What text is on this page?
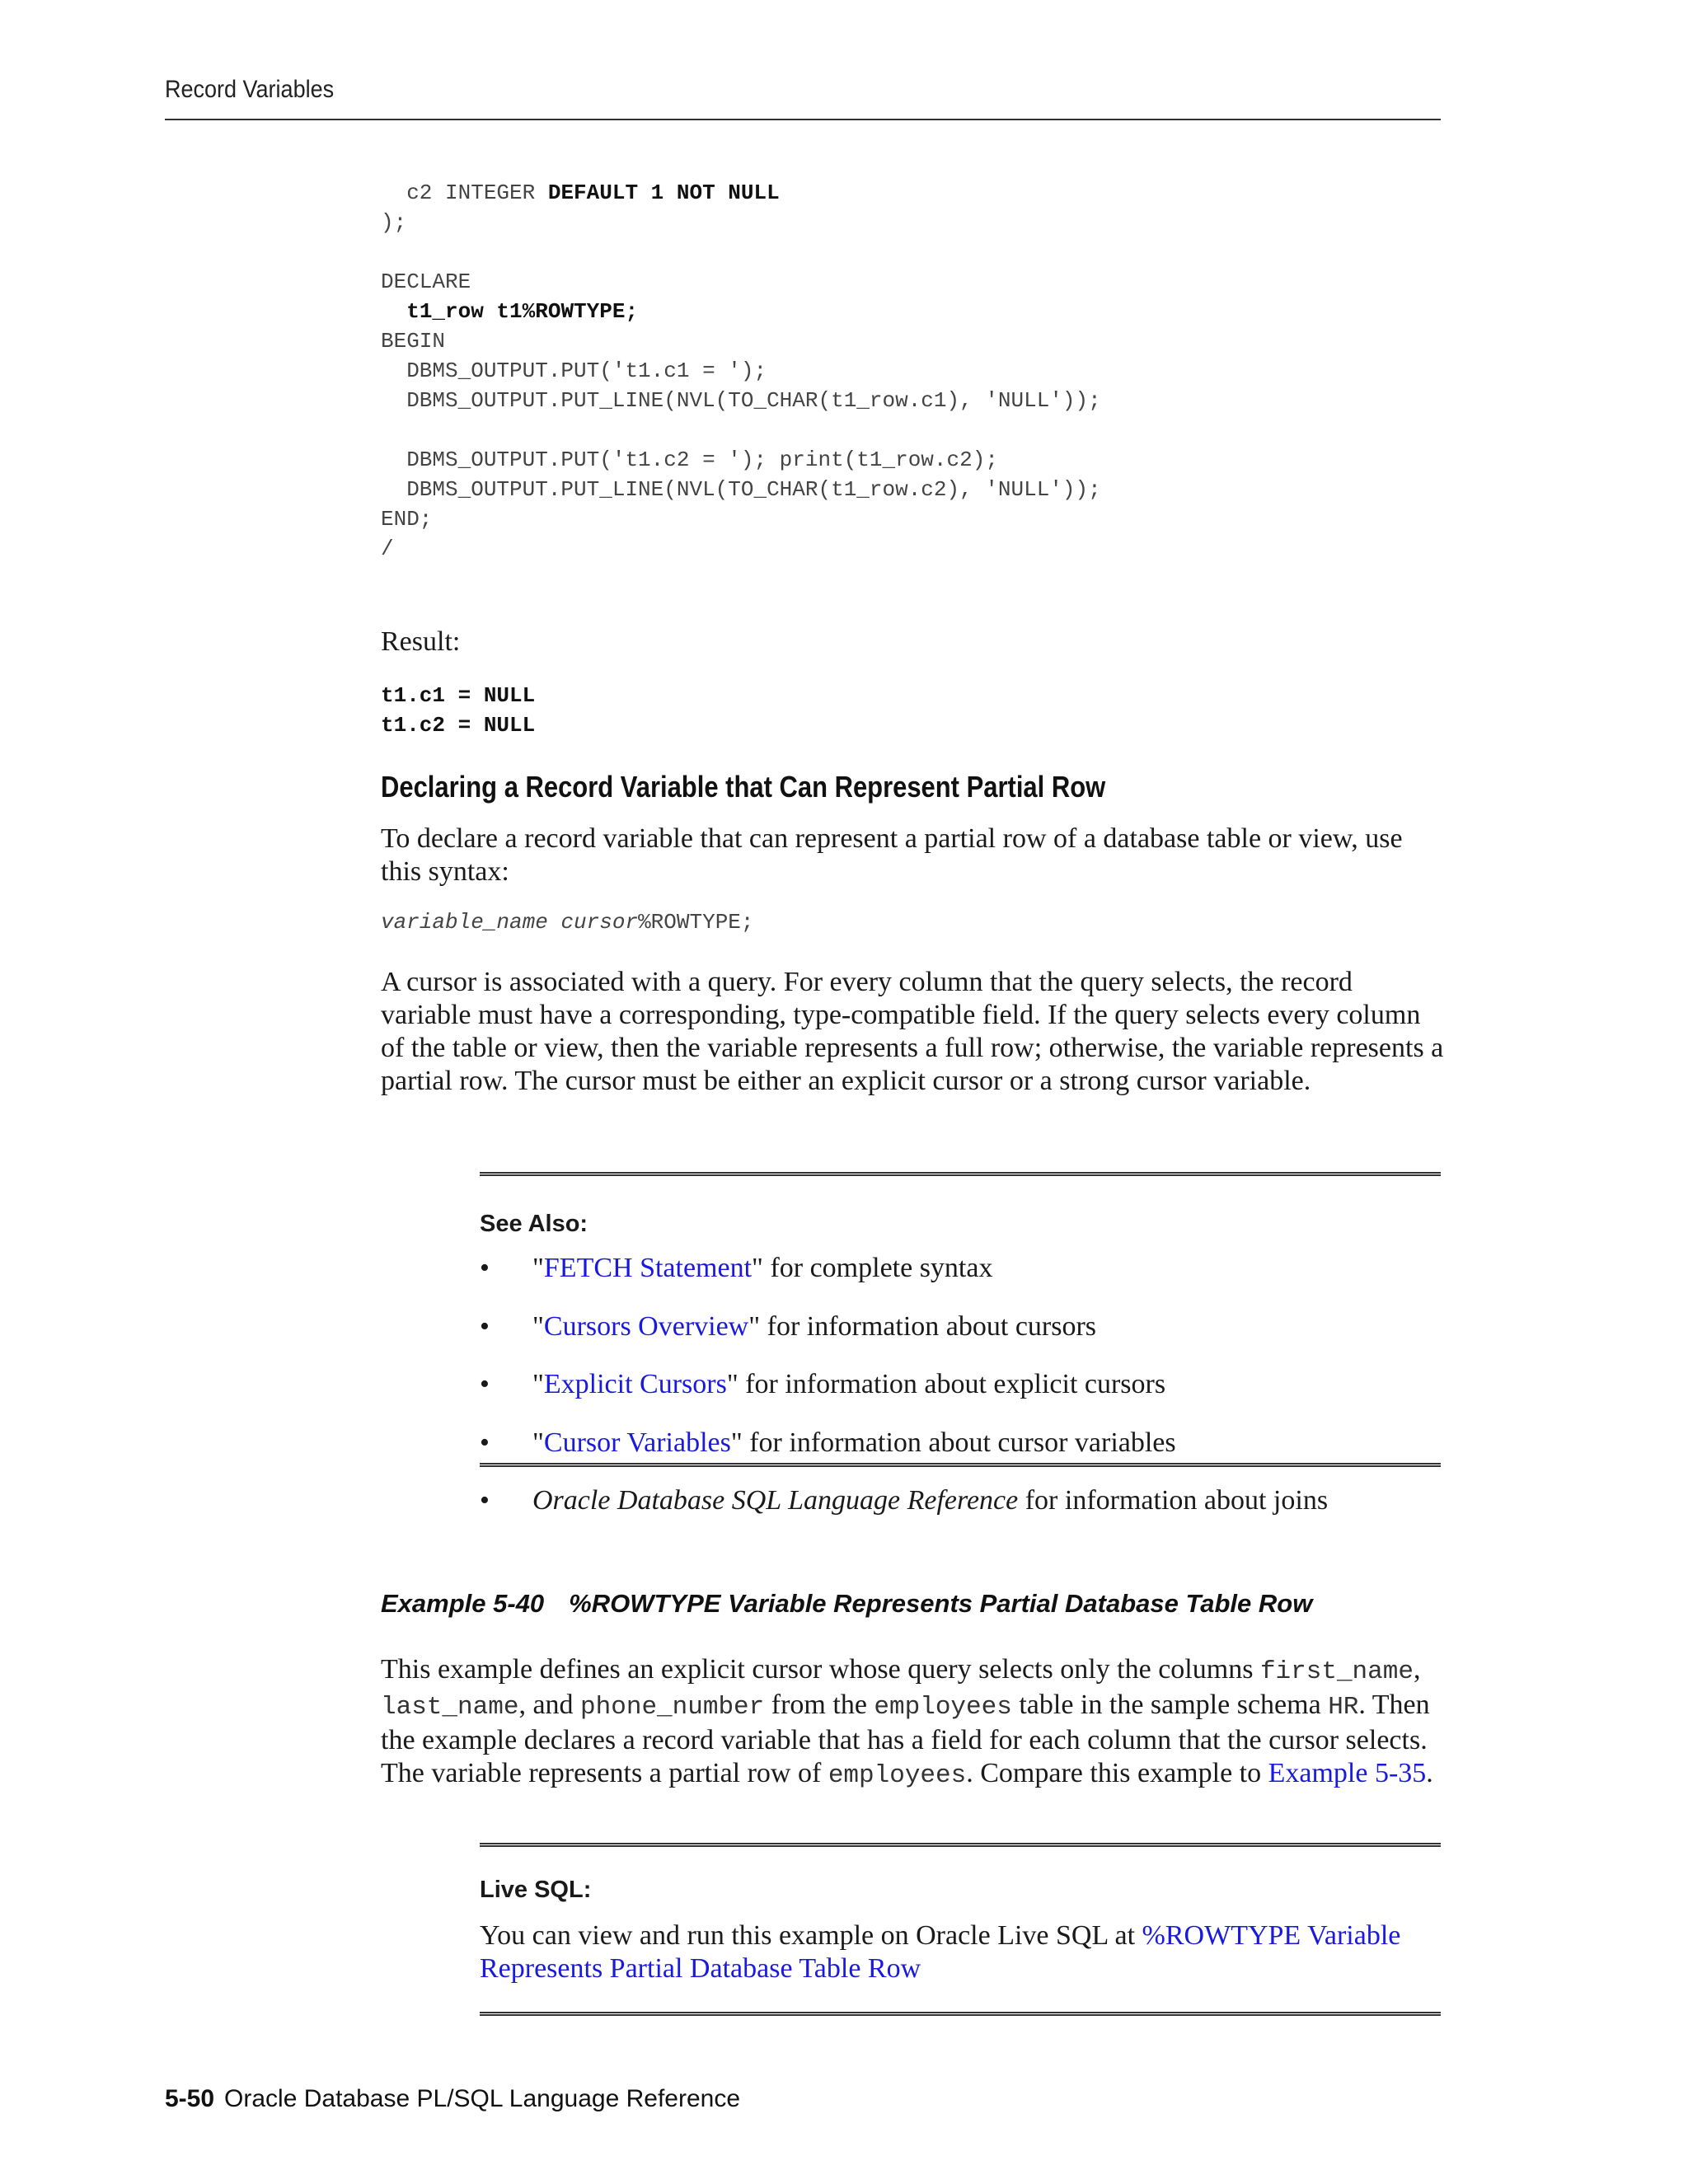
Record Variables
c2 INTEGER DEFAULT 1 NOT NULL
);

DECLARE
t1_row t1%ROWTYPE;
BEGIN
DBMS_OUTPUT.PUT('t1.c1 = ');
DBMS_OUTPUT.PUT_LINE(NVL(TO_CHAR(t1_row.c1), 'NULL'));

DBMS_OUTPUT.PUT('t1.c2 = '); print(t1_row.c2);
DBMS_OUTPUT.PUT_LINE(NVL(TO_CHAR(t1_row.c2), 'NULL'));
END;
/

Result:

t1.c1 = NULL
t1.c2 = NULL
Declaring a Record Variable that Can Represent Partial Row

To declare a record variable that can represent a partial row of a database table or view, use this syntax:

variable_name cursor%ROWTYPE;

A cursor is associated with a query. For every column that the query selects, the record variable must have a corresponding, type-compatible field. If the query selects every column of the table or view, then the variable represents a full row; otherwise, the variable represents a partial row. The cursor must be either an explicit cursor or a strong cursor variable.

See Also:

• "FETCH Statement" for complete syntax
• "Cursors Overview" for information about cursors
• "Explicit Cursors" for information about explicit cursors
• "Cursor Variables" for information about cursor variables
• Oracle Database SQL Language Reference for information about joins
Example 5-40 %ROWTYPE Variable Represents Partial Database Table Row

This example defines an explicit cursor whose query selects only the columns first_name, last_name, and phone_number from the employees table in the sample schema HR. Then the example declares a record variable that has a field for each column that the cursor selects. The variable represents a partial row of employees. Compare this example to Example 5-35.

Live SQL:

You can view and run this example on Oracle Live SQL at %ROWTYPE Variable Represents Partial Database Table Row

5-50 Oracle Database PL/SQL Language Reference
